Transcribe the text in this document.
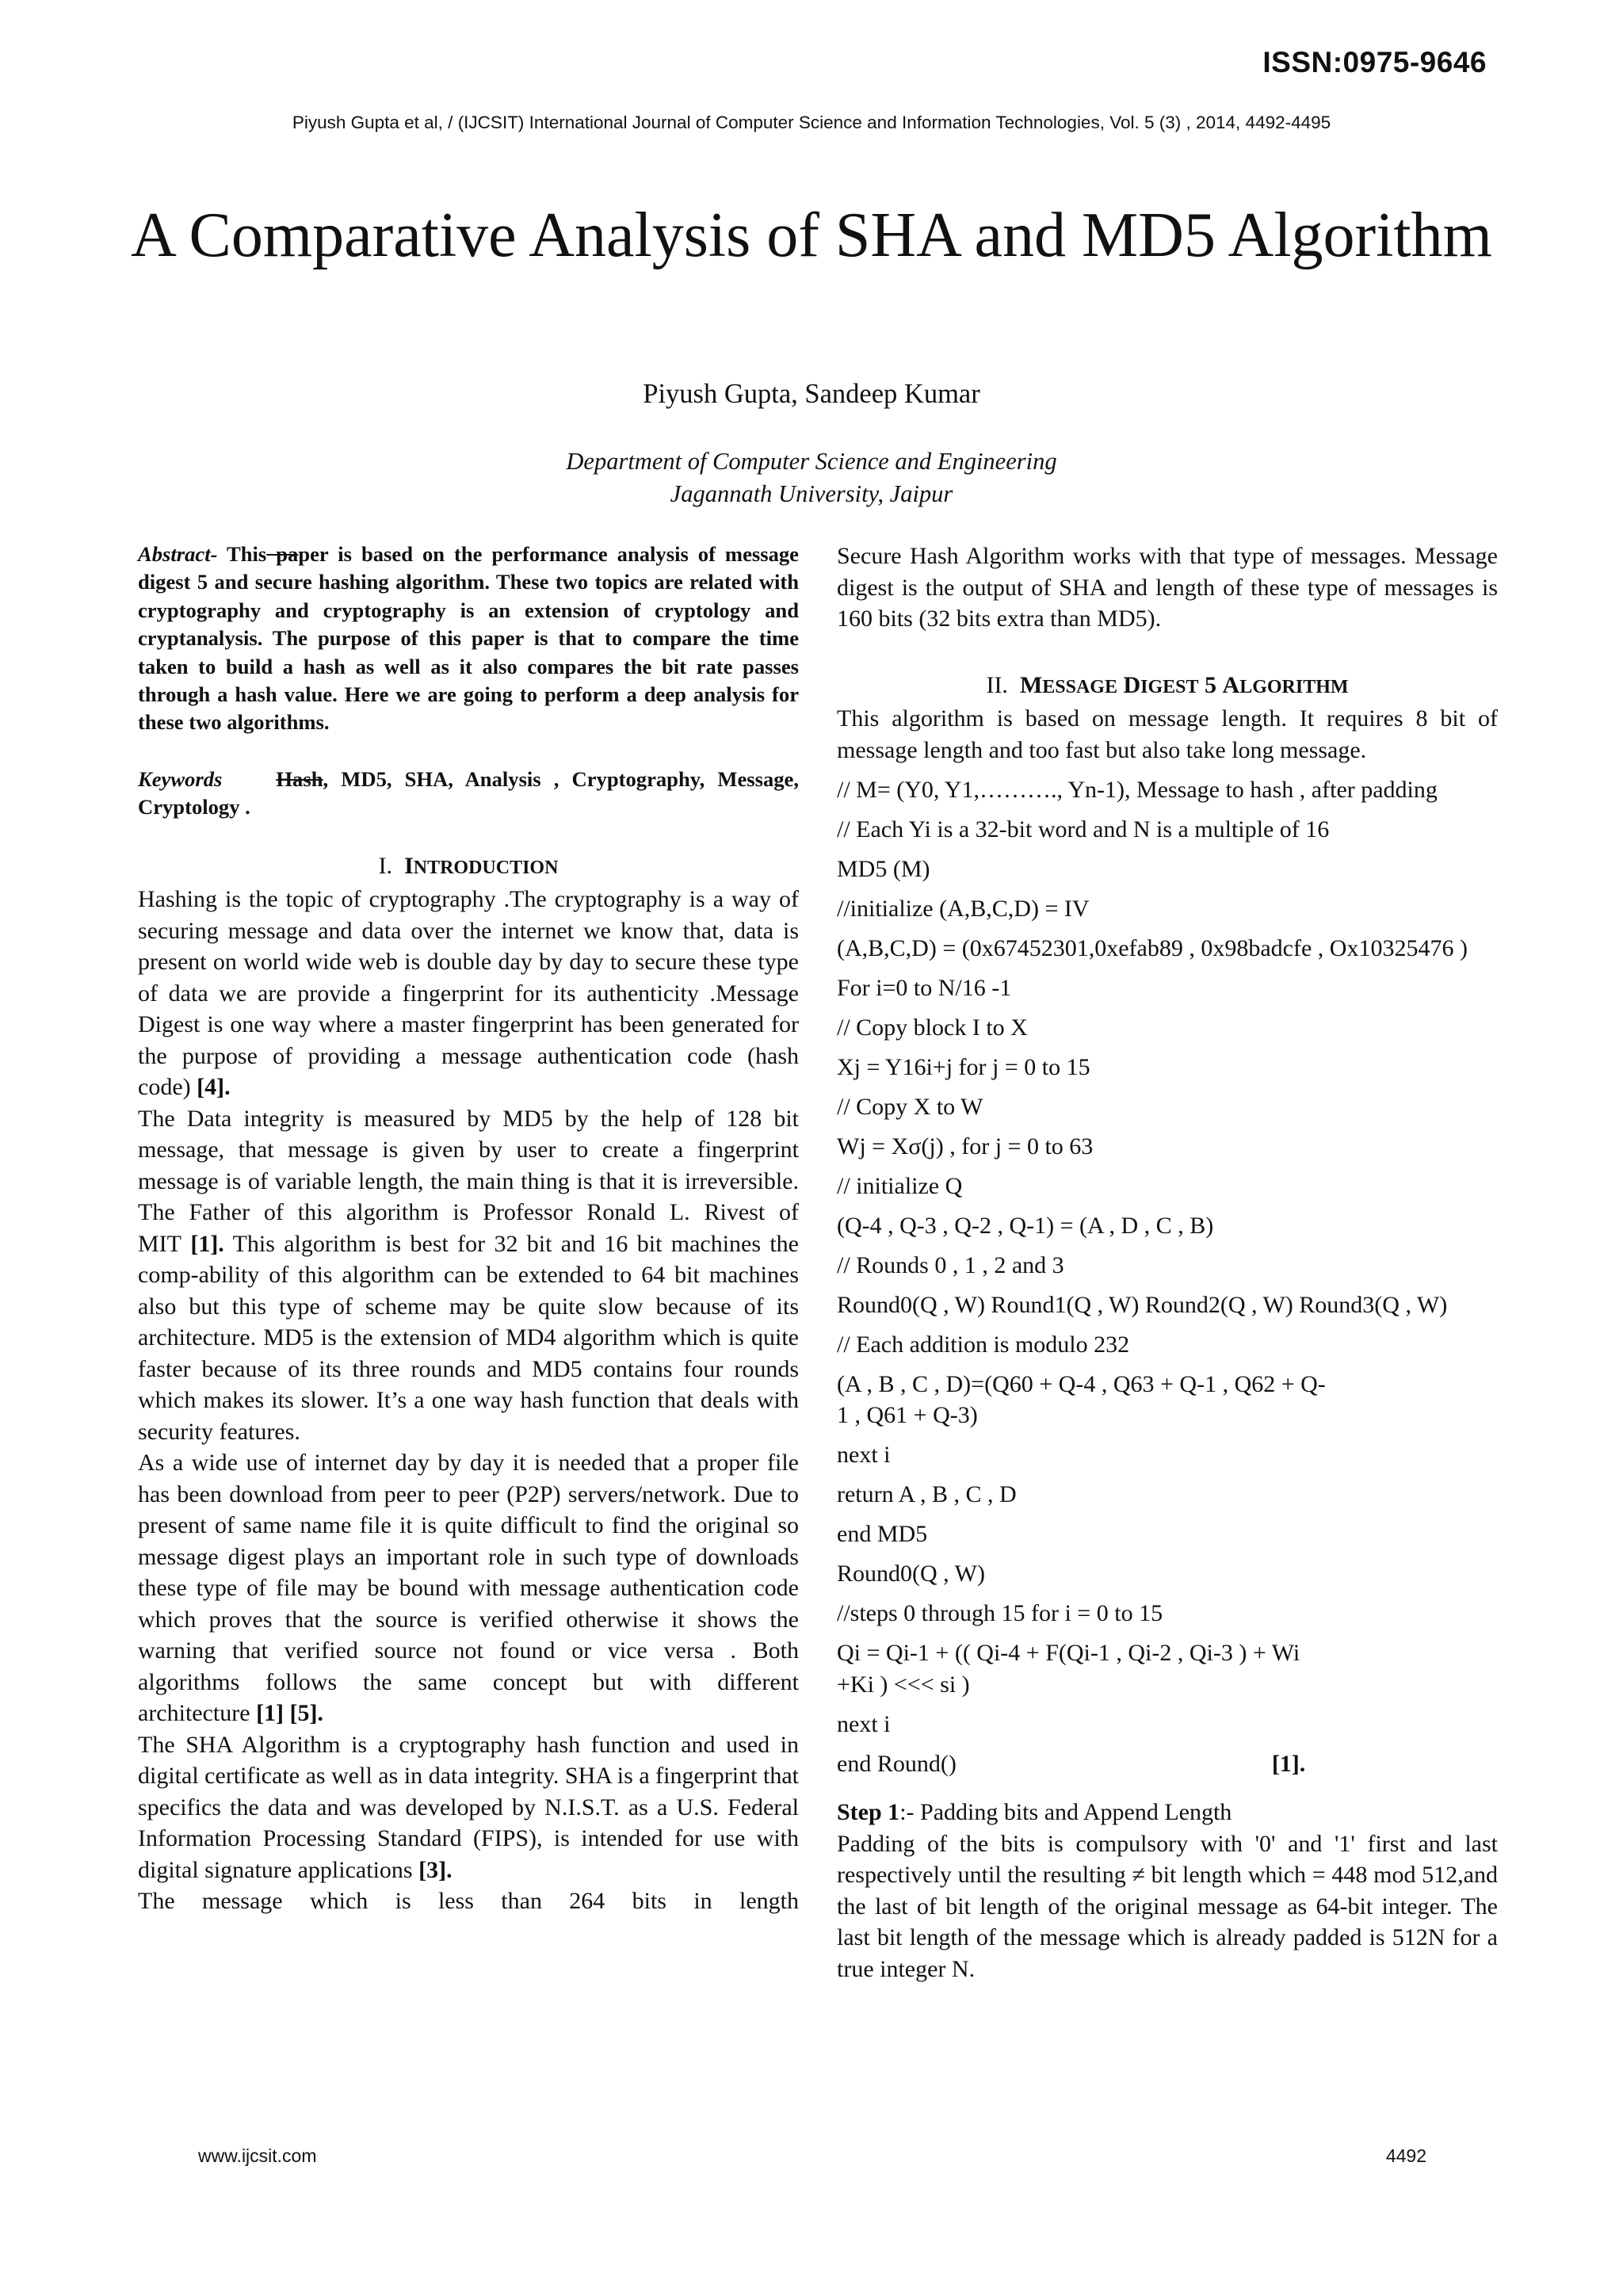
ISSN:0975-9646
Piyush Gupta et al, / (IJCSIT) International Journal of Computer Science and Information Technologies, Vol. 5 (3) , 2014, 4492-4495
A Comparative Analysis of SHA and MD5 Algorithm
Piyush Gupta, Sandeep Kumar
Department of Computer Science and Engineering
Jagannath University, Jaipur

Abstract- This paper is based on the performance analysis of message digest 5 and secure hashing algorithm. These two topics are related with cryptography and cryptography is an extension of cryptology and cryptanalysis. The purpose of this paper is that to compare the time taken to build a hash as well as it also compares the bit rate passes through a hash value. Here we are going to perform a deep analysis for these two algorithms.

Keywords	Hash, MD5, SHA, Analysis , Cryptography, Message, Cryptology .

I. INTRODUCTION

Hashing is the topic of cryptography .The cryptography is a way of securing message and data over the internet we know that, data is present on world wide web is double day by day to secure these type of data we are provide a fingerprint for its authenticity .Message Digest is one way where a master fingerprint has been generated for the purpose of providing a message authentication code (hash code) [4].

The Data integrity is measured by MD5 by the help of 128 bit message, that message is given by user to create a fingerprint message is of variable length, the main thing is that it is irreversible. The Father of this algorithm is Professor Ronald L. Rivest of MIT [1]. This algorithm is best for 32 bit and 16 bit machines the comp-ability of this algorithm can be extended to 64 bit machines also but this type of scheme may be quite slow because of its architecture. MD5 is the extension of MD4 algorithm which is quite faster because of its three rounds and MD5 contains four rounds which makes its slower. It’s a one way hash function that deals with security features.

As a wide use of internet day by day it is needed that a proper file has been download from peer to peer (P2P) servers/network. Due to present of same name file it is quite difficult to find the original so message digest plays an important role in such type of downloads these type of file may be bound with message authentication code which proves that the source is verified otherwise it shows the warning that verified source not found or vice versa . Both algorithms follows the same concept but with different architecture [1] [5].

The SHA Algorithm is a cryptography hash function and used in digital certificate as well as in data integrity. SHA is a fingerprint that specifics the data and was developed by N.I.S.T. as a U.S. Federal Information Processing Standard (FIPS), is intended for use with digital signature applications [3].

The message which is less than 264 bits in length

Secure Hash Algorithm works with that type of messages. Message digest is the output of SHA and length of these type of messages is 160 bits (32 bits extra than MD5).

II. MESSAGE DIGEST 5 ALGORITHM

This algorithm is based on message length. It requires 8 bit of message length and too fast but also take long message.

// M= (Y0, Y1,………., Yn-1), Message to hash , after padding

// Each Yi is a 32-bit word and N is a multiple of 16

MD5 (M)

//initialize (A,B,C,D) = IV

(A,B,C,D) = (0x67452301,0xefab89 , 0x98badcfe , Ox10325476 )

For i=0 to N/16 -1

// Copy block I to X

Xj = Y16i+j for j = 0 to 15

// Copy X to W

Wj = Xσ(j) , for j = 0 to 63

// initialize Q

(Q-4 , Q-3 , Q-2 , Q-1) = (A , D , C , B)

// Rounds 0 , 1 , 2 and 3

Round0(Q , W) Round1(Q , W) Round2(Q , W) Round3(Q , W)

// Each addition is modulo 232

(A , B , C , D)=(Q60 + Q-4 , Q63 + Q-1 , Q62 + Q-
1 , Q61 + Q-3)

next i

return A , B , C , D

end MD5

Round0(Q , W)

//steps 0 through 15 for i = 0 to 15

Qi = Qi-1 + (( Qi-4 + F(Qi-1 , Qi-2 , Qi-3 ) + Wi
+Ki ) <<< si )

next i

end Round()	[1].

Step 1:- Padding bits and Append Length

Padding of the bits is compulsory with '0' and '1' first and last respectively until the resulting ≠ bit length which = 448 mod 512,and the last of bit length of the original message as 64-bit integer. The last bit length of the message which is already padded is 512N for a true integer N.

www.ijcsit.com	4492
